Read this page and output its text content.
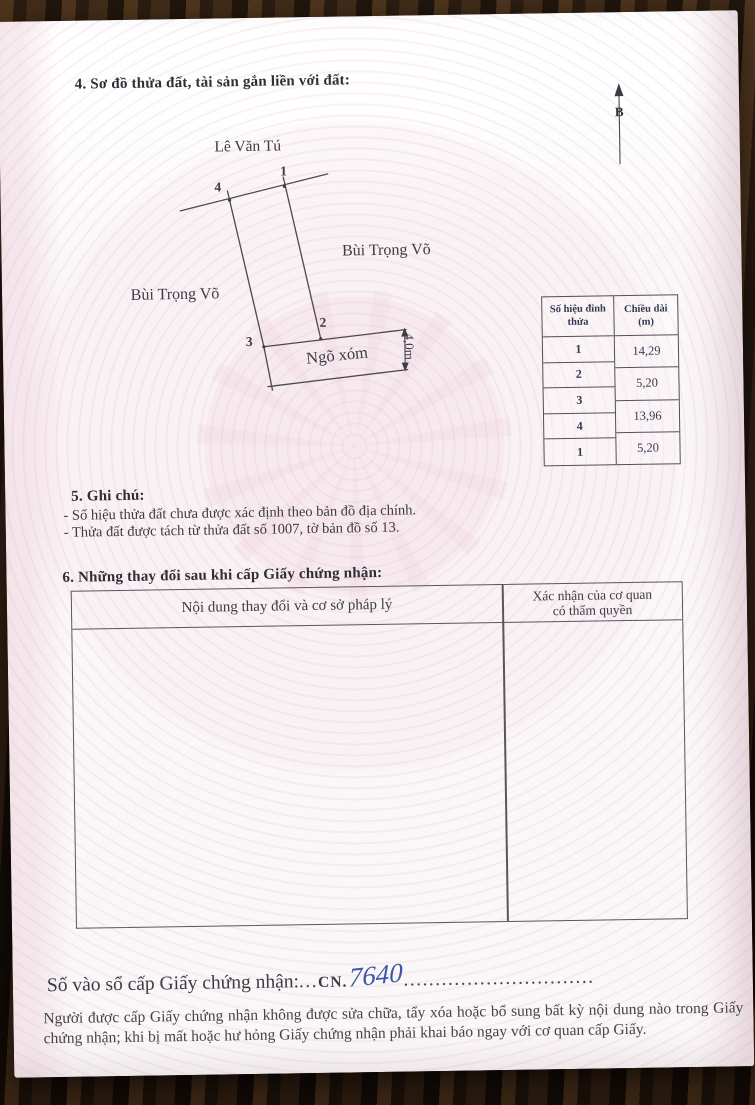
4. Sơ đồ thửa đất, tài sản gắn liền với đất:
B
Lê Văn Tú
1
4
Bùi Trọng Võ
Bùi Trọng Võ
2
3
Ngõ xóm	4,0m
Số hiệu đỉnh
thửa
1
2
3
4
1
Chiều dài
(m)
14,29
5,20
13,96
5,20
5. Ghi chú:
- Số hiệu thửa đất chưa được xác định theo bản đồ địa chính.
- Thửa đất được tách từ thửa đất số 1007, tờ bản đồ số 13.
6. Những thay đổi sau khi cấp Giấy chứng nhận:
Nội dung thay đổi và cơ sở pháp lý
Xác nhận của cơ quan
có thẩm quyền
Số vào sổ cấp Giấy chứng nhận:...CN.7640..............................
Người được cấp Giấy chứng nhận không được sửa chữa, tẩy xóa hoặc bổ sung bất kỳ nội dung nào trong Giấy chứng nhận; khi bị mất hoặc hư hỏng Giấy chứng nhận phải khai báo ngay với cơ quan cấp Giấy.
